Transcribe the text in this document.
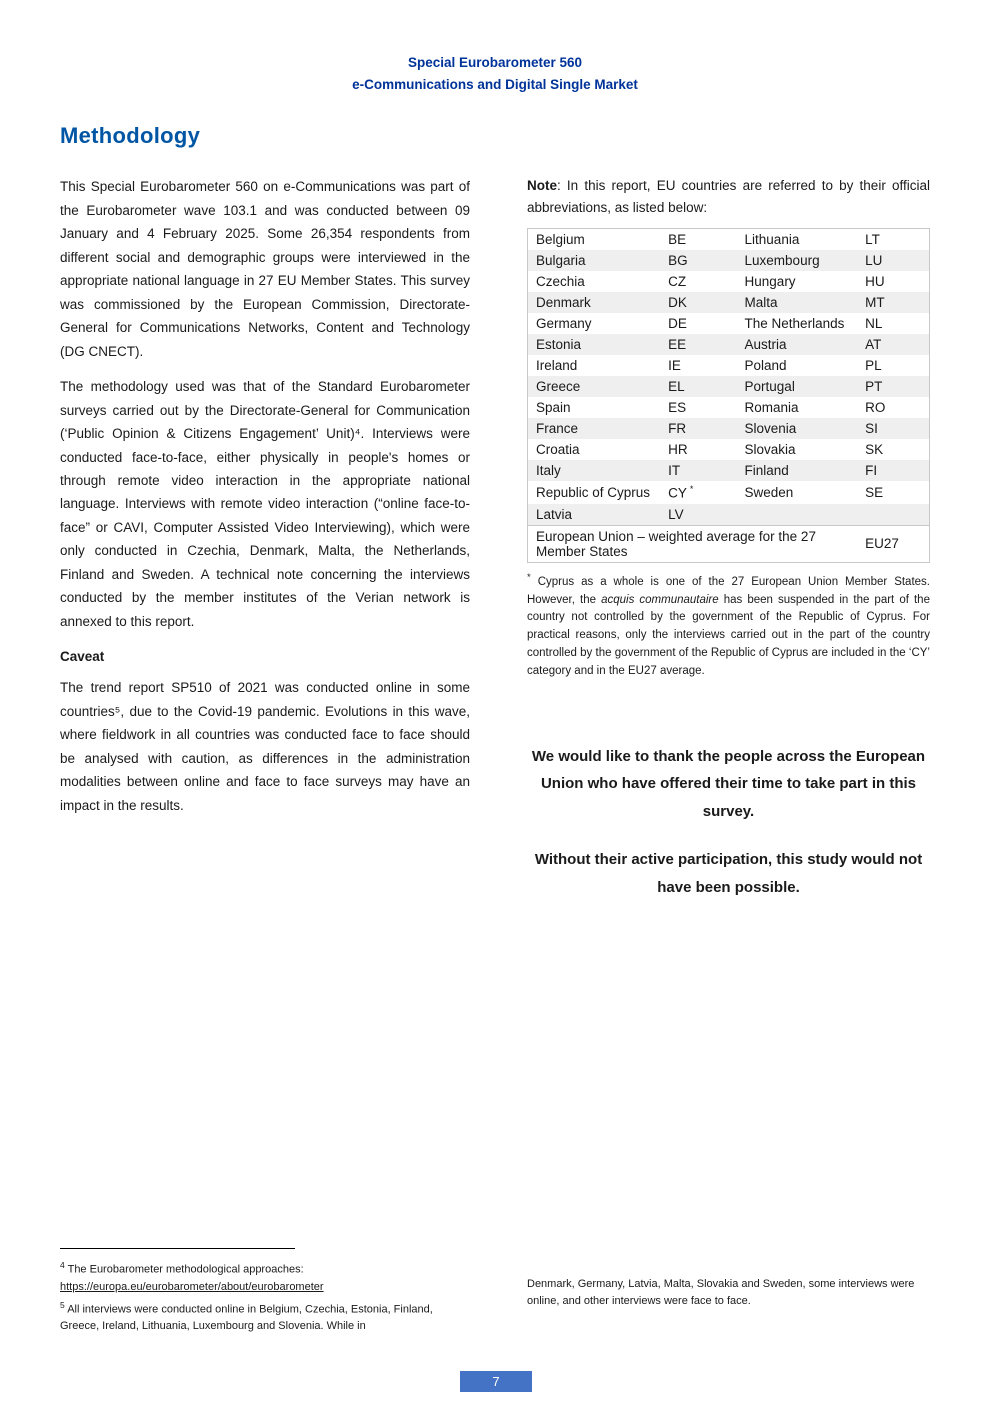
Special Eurobarometer 560
e-Communications and Digital Single Market
Methodology

This Special Eurobarometer 560 on e-Communications was part of the Eurobarometer wave 103.1 and was conducted between 09 January and 4 February 2025. Some 26,354 respondents from different social and demographic groups were interviewed in the appropriate national language in 27 EU Member States. This survey was commissioned by the European Commission, Directorate-General for Communications Networks, Content and Technology (DG CNECT).

The methodology used was that of the Standard Eurobarometer surveys carried out by the Directorate-General for Communication (‘Public Opinion & Citizens Engagement’ Unit)⁴. Interviews were conducted face-to-face, either physically in people's homes or through remote video interaction in the appropriate national language. Interviews with remote video interaction (“online face-to-face” or CAVI, Computer Assisted Video Interviewing), which were only conducted in Czechia, Denmark, Malta, the Netherlands, Finland and Sweden. A technical note concerning the interviews conducted by the member institutes of the Verian network is annexed to this report.

Caveat

The trend report SP510 of 2021 was conducted online in some countries⁵, due to the Covid-19 pandemic. Evolutions in this wave, where fieldwork in all countries was conducted face to face should be analysed with caution, as differences in the administration modalities between online and face to face surveys may have an impact in the results.

Note: In this report, EU countries are referred to by their official abbreviations, as listed below:

Belgium	BE	Lithuania	LT
Bulgaria	BG	Luxembourg	LU
Czechia	CZ	Hungary	HU
Denmark	DK	Malta	MT
Germany	DE	The Netherlands	NL
Estonia	EE	Austria	AT
Ireland	IE	Poland	PL
Greece	EL	Portugal	PT
Spain	ES	Romania	RO
France	FR	Slovenia	SI
Croatia	HR	Slovakia	SK
Italy	IT	Finland	FI
Republic of Cyprus	CY *	Sweden	SE
Latvia	LV		
European Union – weighted average for the 27 Member States			EU27

* Cyprus as a whole is one of the 27 European Union Member States. However, the acquis communautaire has been suspended in the part of the country not controlled by the government of the Republic of Cyprus. For practical reasons, only the interviews carried out in the part of the country controlled by the government of the Republic of Cyprus are included in the ‘CY’ category and in the EU27 average.

We would like to thank the people across the European Union who have offered their time to take part in this survey.

Without their active participation, this study would not have been possible.

$^4$ The Eurobarometer methodological approaches:
https://europa.eu/eurobarometer/about/eurobarometer

$^5$ All interviews were conducted online in Belgium, Czechia, Estonia, Finland, Greece, Ireland, Lithuania, Luxembourg and Slovenia. While in

Denmark, Germany, Latvia, Malta, Slovakia and Sweden, some interviews were online, and other interviews were face to face.

7
